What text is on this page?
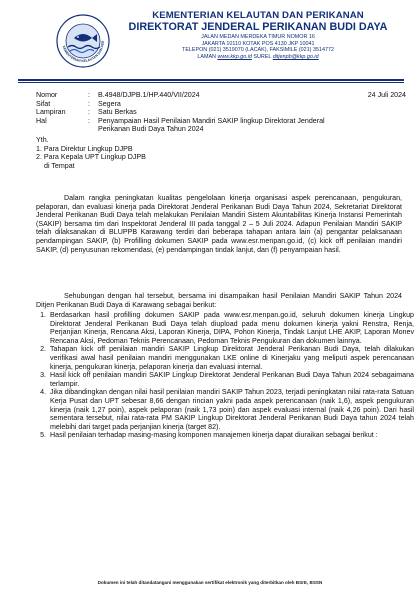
KEMENTERIAN KELAUTAN DAN PER
KEMENTERIAN KELAUTAN DAN PERIKANAN
DIREKTORAT JENDERAL PERIKANAN BUDI DAYA
JALAN MEDAN MERDEKA TIMUR NOMOR 16
JAKARTA 10110 KOTAK POS 4130 JKP 10041
TELEPON (021) 3519070 (LACAK), FAKSIMILE (021) 3514772
LAMAN www.kkp.go.id SUREL ditjenpb@kkp.go.id
Nomor	:	B.4948/DJPB.1/HP.440/VII/2024	24 Juli 2024
Sifat	:	Segera
Lampiran	:	Satu Berkas
Hal	:	Penyampaian Hasil Penilaian Mandiri SAKIP lingkup Direktorat Jenderal Perikanan Budi Daya Tahun 2024
Yth.
1. Para Direktur Lingkup DJPB
2. Para Kepala UPT Lingkup DJPB
di Tempat
Dalam rangka peningkatan kualitas pengelolaan kinerja organisasi aspek perencanaan, pengukuran, pelaporan, dan evaluasi kinerja pada Direktorat Jenderal Perikanan Budi Daya Tahun 2024, Sekretariat Direktorat Jenderal Perikanan Budi Daya telah melakukan Penilaian Mandiri Sistem Akuntabilitas Kinerja Instansi Pemerintah (SAKIP) bersama tim dari Inspektorat Jenderal III pada tanggal 2 – 5 Juli 2024. Adapun Penilaian Mandiri SAKIP telah dilaksanakan di BLUPPB Karawang terdiri dari beberapa tahapan antara lain (a) pengantar pelaksanaan pendampingan SAKIP, (b) Profilling dokumen SAKIP pada www.esr.menpan.go.id, (c) kick off penilaian mandiri SAKIP, (d) penyusunan rekomendasi, (e) pendampingan tindak lanjut, dan (f) penyampaian hasil.
Sehubungan dengan hal tersebut, bersama ini disampaikan hasil Penilaian Mandiri SAKIP Tahun 2024 Ditjen Perikanan Budi Daya di Karawang sebagai berikut:
1. Berdasarkan hasil profilling dokumen SAKIP pada www.esr.menpan.go.id, seluruh dokumen kinerja Lingkup Direktorat Jenderal Perikanan Budi Daya telah diupload pada menu dokumen kinerja yakni Renstra, Renja, Perjanjian Kinerja, Rencana Aksi, Laporan Kinerja, DIPA, Pohon Kinerja, Tindak Lanjut LHE AKIP, Laporan Monev Rencana Aksi, Pedoman Teknis Perencanaan, Pedoman Teknis Pengukuran dan dokumen lainnya.
2. Tahapan kick off penilaian mandiri SAKIP Lingkup Direktorat Jenderal Perikanan Budi Daya, telah dilakukan verifikasi awal hasil penilaian mandiri menggunakan LKE online di Kinerjaku yang meliputi aspek perencanaan kinerja, pengukuran kinerja, pelaporan kinerja dan evaluasi internal.
3. Hasil kick off penilaian mandiri SAKIP Lingkup Direktorat Jenderal Perikanan Budi Daya Tahun 2024 sebagaimana terlampir.
4. Jika dibandingkan dengan nilai hasil penilaian mandiri SAKIP Tahun 2023, terjadi peningkatan nilai rata-rata Satuan Kerja Pusat dan UPT sebesar 8,66 dengan rincian yakni pada aspek perencanaan (naik 1,6), aspek pengukuran kinerja (naik 1,27 poin), aspek pelaporan (naik 1,73 poin) dan aspek evaluasi internal (naik 4,26 poin). Dari hasil sementara tersebut, nilai rata-rata PM SAKIP Lingkup Direktorat Jenderal Perikanan Budi Daya tahun 2024 telah melebihi dari target pada perjanjian kinerja (target 82).
5. Hasil penilaian terhadap masing-masing komponen manajemen kinerja dapat diuraikan sebagai berikut :
Dokumen ini telah ditandatangani menggunakan sertifikat elektronik yang diterbitkan oleh BSrE, BSSN
